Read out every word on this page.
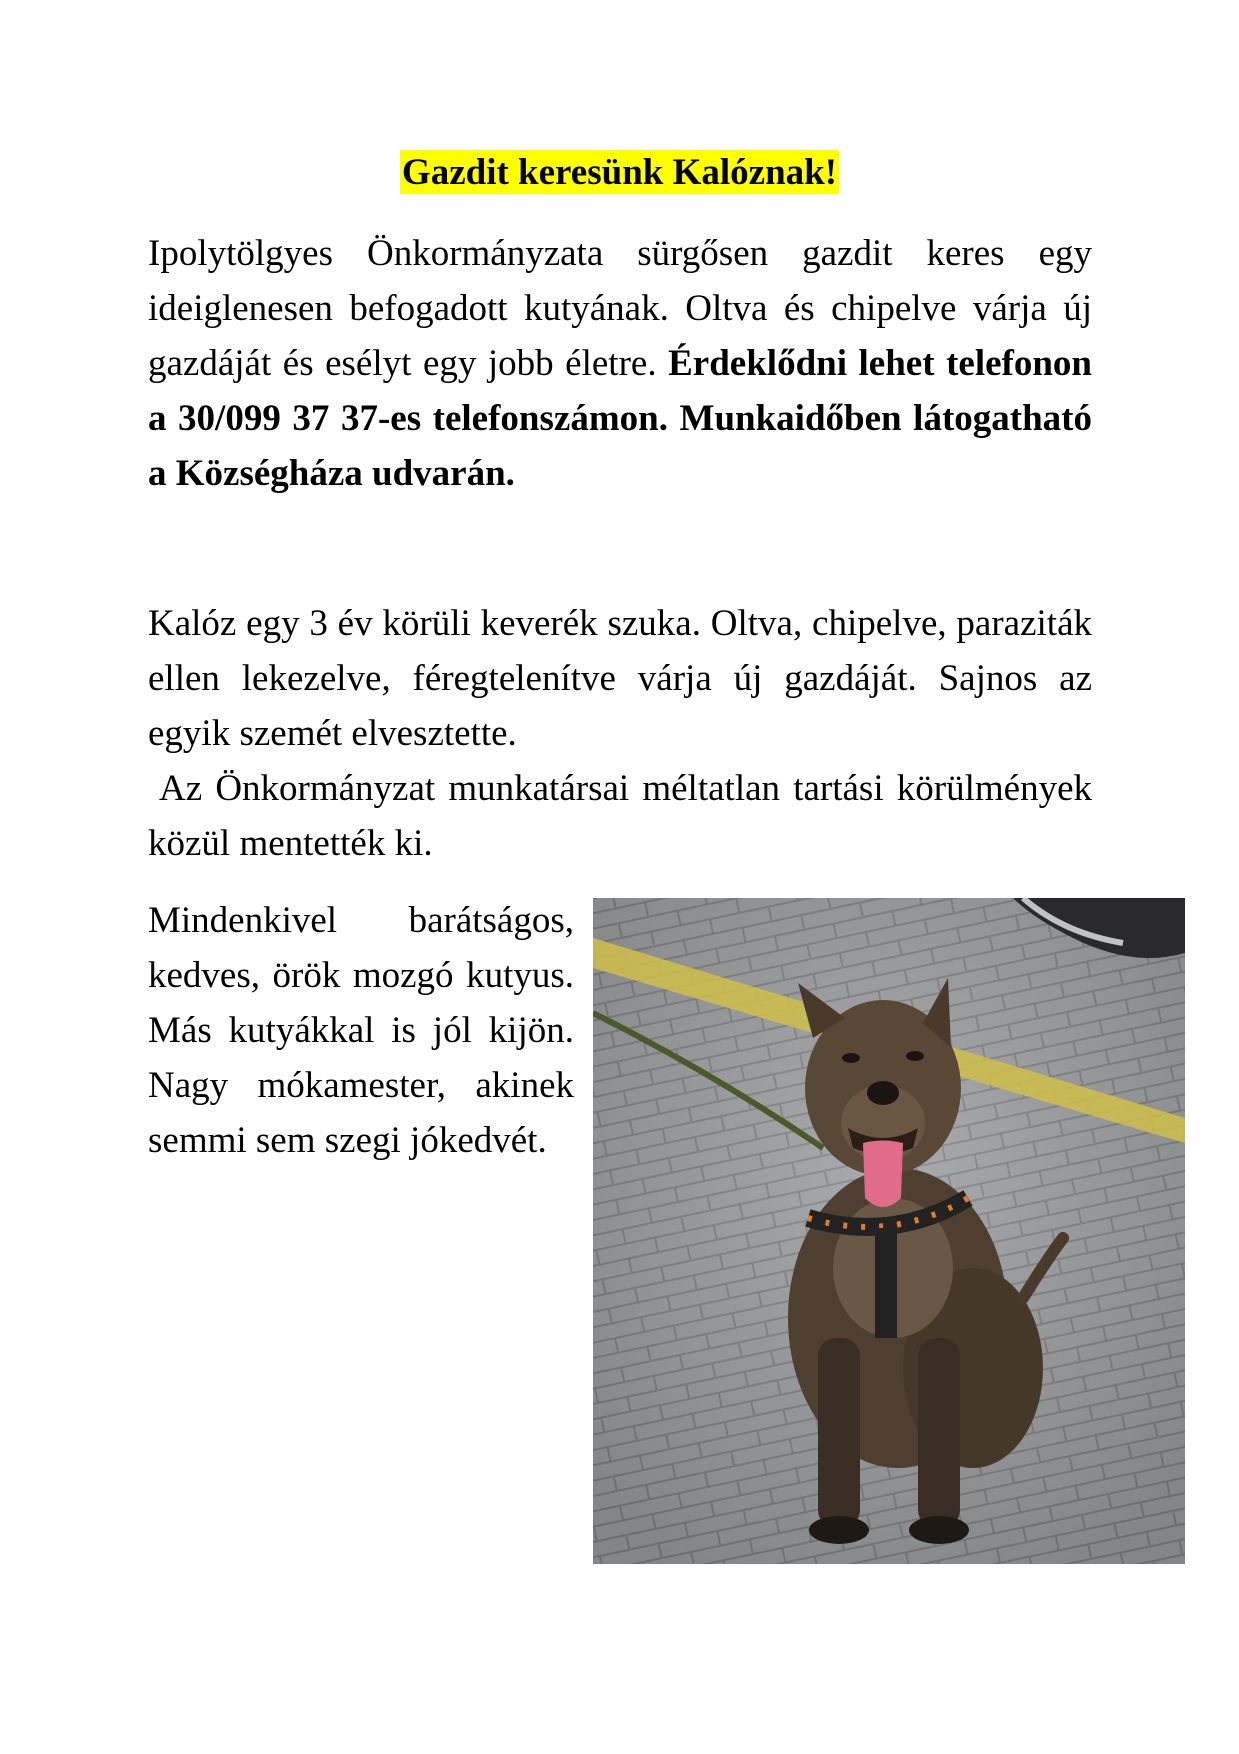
Gazdit keresünk Kalóznak!

Ipolytölgyes Önkormányzata sürgősen gazdit keres egy ideiglenesen befogadott kutyának. Oltva és chipelve várja új gazdáját és esélyt egy jobb életre. Érdeklődni lehet telefonon a 30/099 37 37-es telefonszámon. Munkaidőben látogatható a Községháza udvarán.

Kalóz egy 3 év körüli keverék szuka. Oltva, chipelve, paraziták ellen lekezelve, féregtelenítve várja új gazdáját. Sajnos az egyik szemét elvesztette.
Az Önkormányzat munkatársai méltatlan tartási körülmények közül mentették ki.

Mindenkivel barátságos, kedves, örök mozgó kutyus. Más kutyákkal is jól kijön. Nagy mókamester, akinek semmi sem szegi jókedvét.
